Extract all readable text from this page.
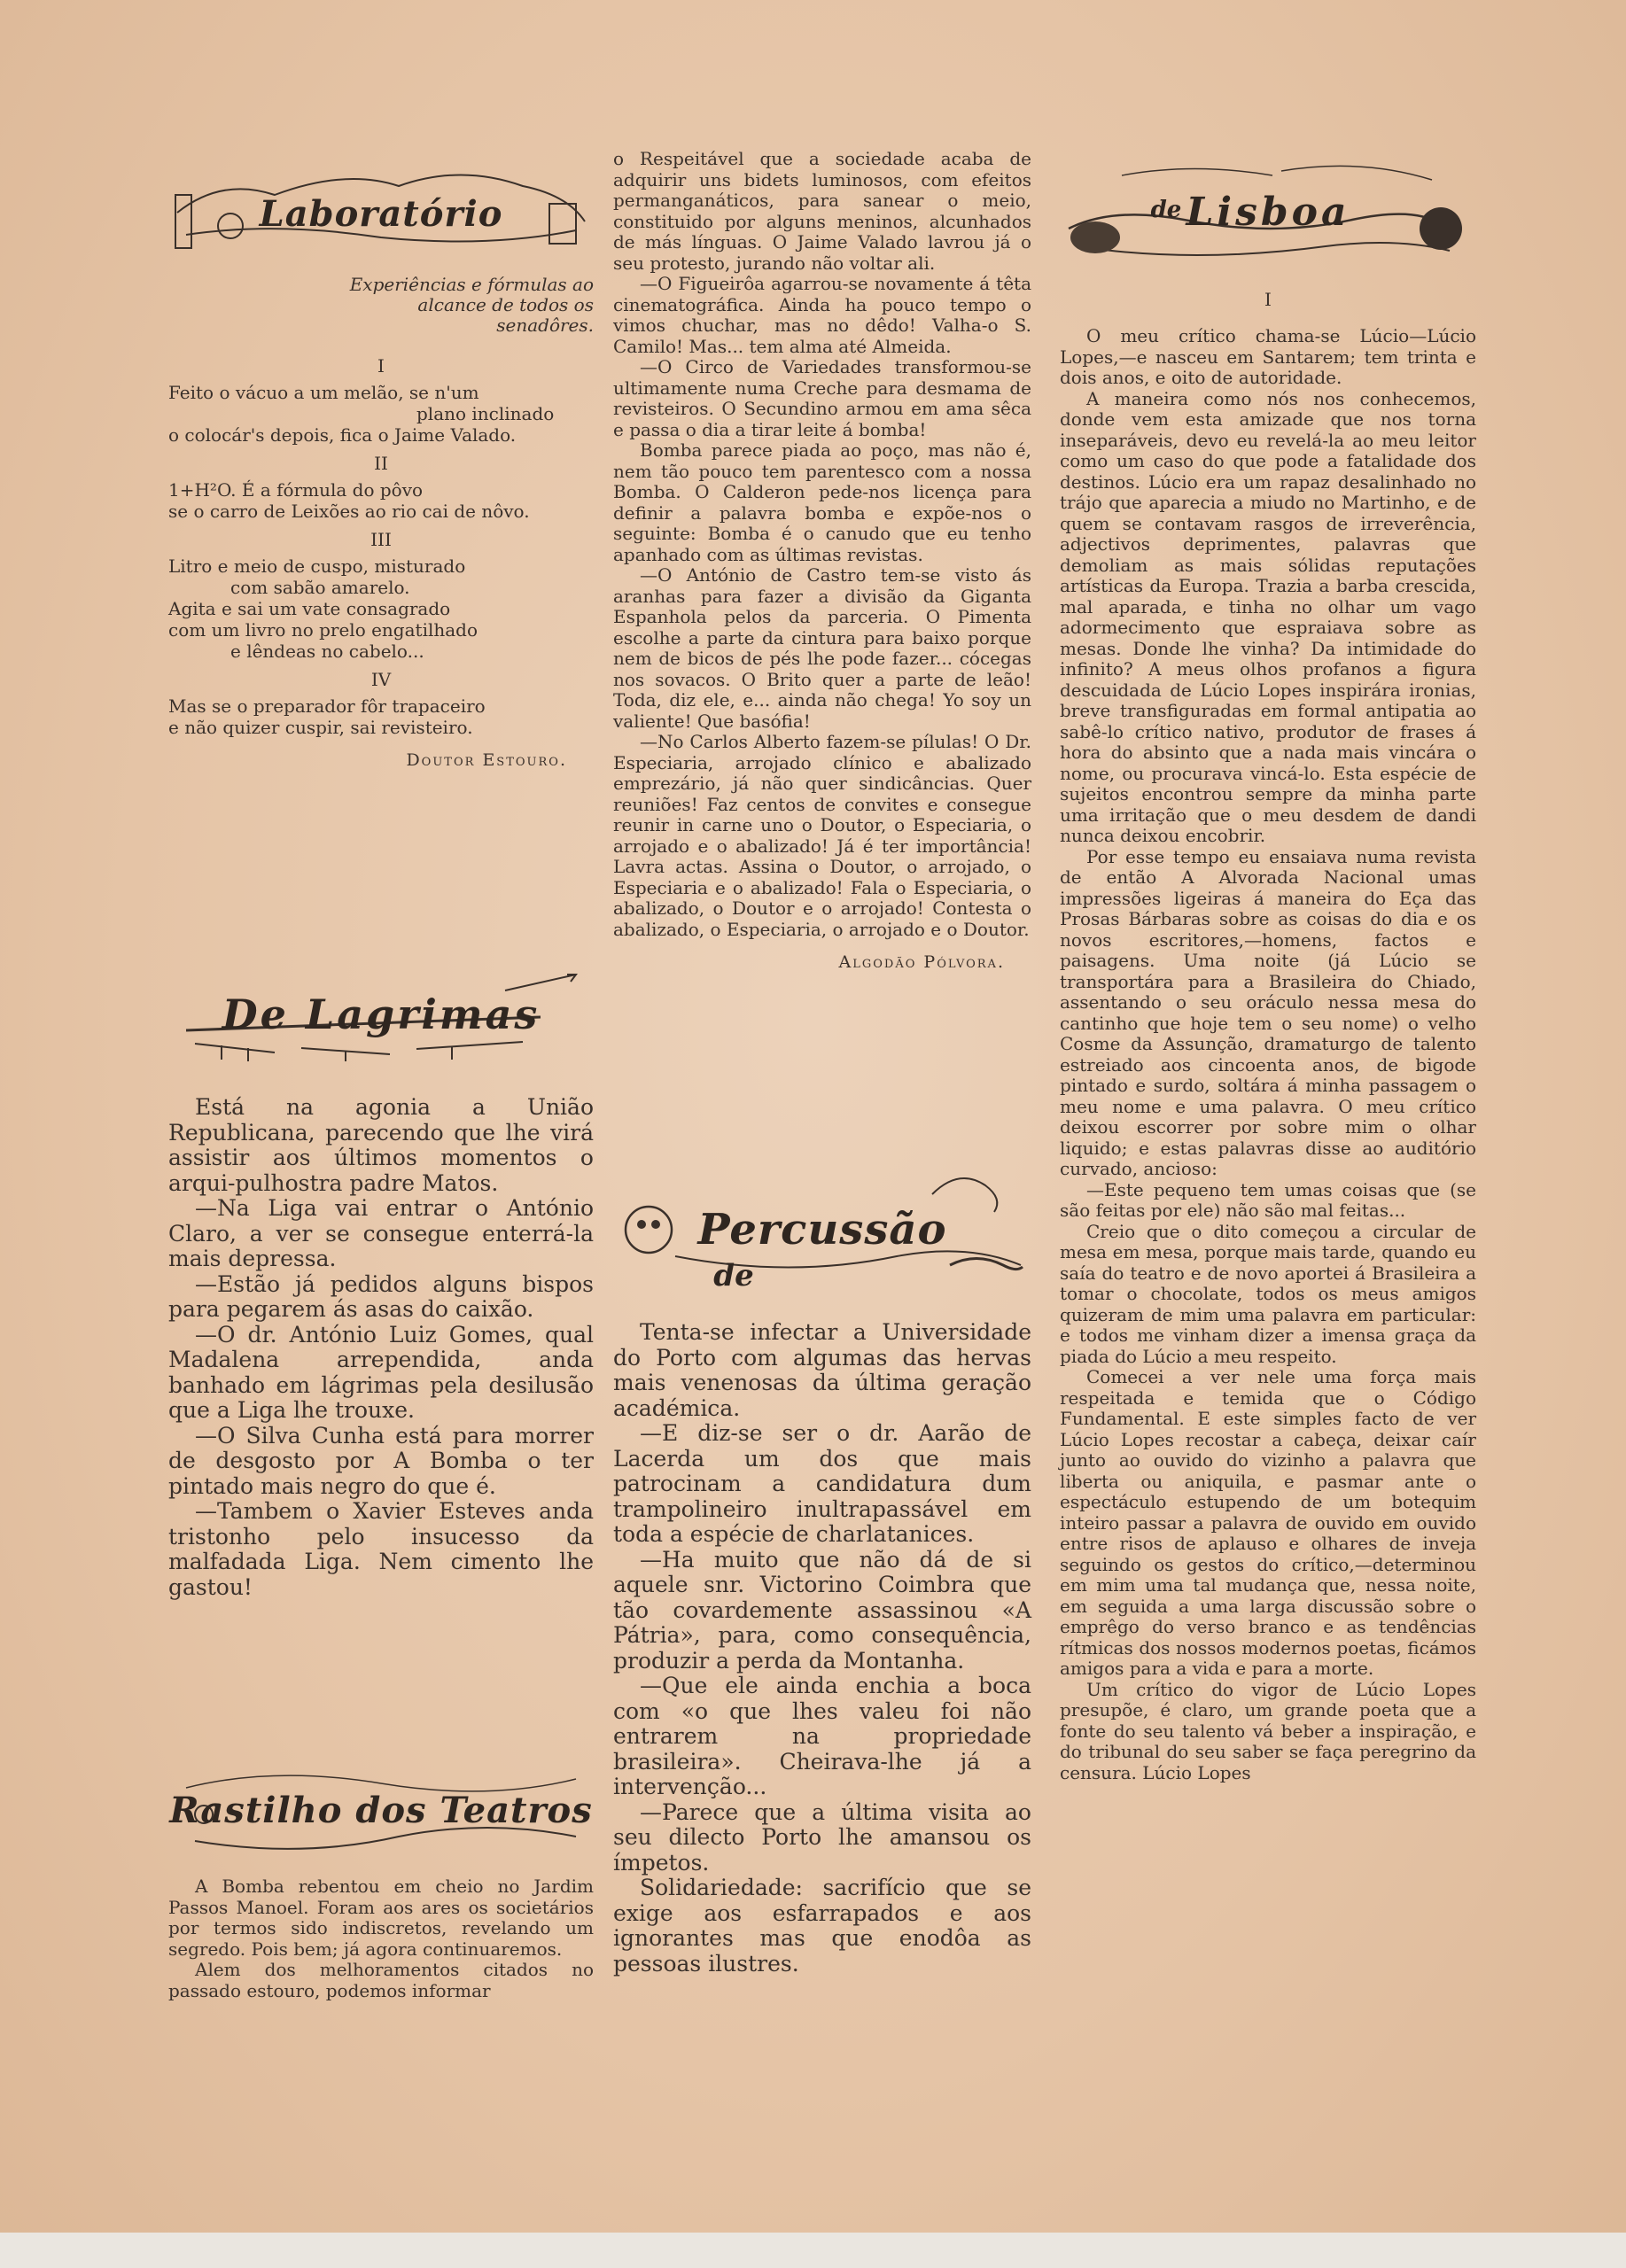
Laboratório

Experiências e fórmulas ao alcance de todos os senadôres.

I

Feito o vácuo a um melão, se n'um

plano inclinado

o colocár's depois, fica o Jaime Valado.

II

1+H²O. É a fórmula do pôvo

se o carro de Leixões ao rio cai de nôvo.

III

Litro e meio de cuspo, misturado

com sabão amarelo.

Agita e sai um vate consagrado

com um livro no prelo engatilhado

e lêndeas no cabelo...

IV

Mas se o preparador fôr trapaceiro

e não quizer cuspir, sai revisteiro.

Doutor Estouro.

De Lagrimas

Está na agonia a União Republicana, parecendo que lhe virá assistir aos últimos momentos o arqui-pulhostra padre Matos.

—Na Liga vai entrar o António Claro, a ver se consegue enterrá-la mais depressa.

—Estão já pedidos alguns bispos para pegarem ás asas do caixão.

—O dr. António Luiz Gomes, qual Madalena arrependida, anda banhado em lágrimas pela desilusão que a Liga lhe trouxe.

—O Silva Cunha está para morrer de desgosto por A Bomba o ter pintado mais negro do que é.

—Tambem o Xavier Esteves anda tristonho pelo insucesso da malfadada Liga. Nem cimento lhe gastou!

Rastilho dos Teatros

A Bomba rebentou em cheio no Jardim Passos Manoel. Foram aos ares os societários por termos sido indiscretos, revelando um segredo. Pois bem; já agora continuaremos.

Alem dos melhoramentos citados no passado estouro, podemos informar

o Respeitável que a sociedade acaba de adquirir uns bidets luminosos, com efeitos permanganáticos, para sanear o meio, constituido por alguns meninos, alcunhados de más línguas. O Jaime Valado lavrou já o seu protesto, jurando não voltar ali.

—O Figueirôa agarrou-se novamente á têta cinematográfica. Ainda ha pouco tempo o vimos chuchar, mas no dêdo! Valha-o S. Camilo! Mas... tem alma até Almeida.

—O Circo de Variedades transformou-se ultimamente numa Creche para desmama de revisteiros. O Secundino armou em ama sêca e passa o dia a tirar leite á bomba!

Bomba parece piada ao poço, mas não é, nem tão pouco tem parentesco com a nossa Bomba. O Calderon pede-nos licença para definir a palavra bomba e expõe-nos o seguinte: Bomba é o canudo que eu tenho apanhado com as últimas revistas.

—O António de Castro tem-se visto ás aranhas para fazer a divisão da Giganta Espanhola pelos da parceria. O Pimenta escolhe a parte da cintura para baixo porque nem de bicos de pés lhe pode fazer... cócegas nos sovacos. O Brito quer a parte de leão! Toda, diz ele, e... ainda não chega! Yo soy un valiente! Que basófia!

—No Carlos Alberto fazem-se pílulas! O Dr. Especiaria, arrojado clínico e abalizado emprezário, já não quer sindicâncias. Quer reuniões! Faz centos de convites e consegue reunir in carne uno o Doutor, o Especiaria, o arrojado e o abalizado! Já é ter importância! Lavra actas. Assina o Doutor, o arrojado, o Especiaria e o abalizado! Fala o Especiaria, o abalizado, o Doutor e o arrojado! Contesta o abalizado, o Especiaria, o arrojado e o Doutor.

Algodão Pólvora.

Percussão
de

Tenta-se infectar a Universidade do Porto com algumas das hervas mais venenosas da última geração académica.

—E diz-se ser o dr. Aarão de Lacerda um dos que mais patrocinam a candidatura dum trampolineiro inultrapassável em toda a espécie de charlatanices.

—Ha muito que não dá de si aquele snr. Victorino Coimbra que tão covardemente assassinou «A Pátria», para, como consequência, produzir a perda da Montanha.

—Que ele ainda enchia a boca com «o que lhes valeu foi não entrarem na propriedade brasileira». Cheirava-lhe já a intervenção...

—Parece que a última visita ao seu dilecto Porto lhe amansou os ímpetos.

Solidariedade: sacrifício que se exige aos esfarrapados e aos ignorantes mas que enodôa as pessoas ilustres.

Lisboa
de
I

O meu crítico chama-se Lúcio—Lúcio Lopes,—e nasceu em Santarem; tem trinta e dois anos, e oito de autoridade.

A maneira como nós nos conhecemos, donde vem esta amizade que nos torna inseparáveis, devo eu revelá-la ao meu leitor como um caso do que pode a fatalidade dos destinos. Lúcio era um rapaz desalinhado no trájo que aparecia a miudo no Martinho, e de quem se contavam rasgos de irreverência, adjectivos deprimentes, palavras que demoliam as mais sólidas reputações artísticas da Europa. Trazia a barba crescida, mal aparada, e tinha no olhar um vago adormecimento que espraiava sobre as mesas. Donde lhe vinha? Da intimidade do infinito? A meus olhos profanos a figura descuidada de Lúcio Lopes inspirára ironias, breve transfiguradas em formal antipatia ao sabê-lo crítico nativo, produtor de frases á hora do absinto que a nada mais vincára o nome, ou procurava vincá-lo. Esta espécie de sujeitos encontrou sempre da minha parte uma irritação que o meu desdem de dandi nunca deixou encobrir.

Por esse tempo eu ensaiava numa revista de então A Alvorada Nacional umas impressões ligeiras á maneira do Eça das Prosas Bárbaras sobre as coisas do dia e os novos escritores,—homens, factos e paisagens. Uma noite (já Lúcio se transportára para a Brasileira do Chiado, assentando o seu oráculo nessa mesa do cantinho que hoje tem o seu nome) o velho Cosme da Assunção, dramaturgo de talento estreiado aos cincoenta anos, de bigode pintado e surdo, soltára á minha passagem o meu nome e uma palavra. O meu crítico deixou escorrer por sobre mim o olhar liquido; e estas palavras disse ao auditório curvado, ancioso:

—Este pequeno tem umas coisas que (se são feitas por ele) não são mal feitas...

Creio que o dito começou a circular de mesa em mesa, porque mais tarde, quando eu saía do teatro e de novo aportei á Brasileira a tomar o chocolate, todos os meus amigos quizeram de mim uma palavra em particular: e todos me vinham dizer a imensa graça da piada do Lúcio a meu respeito.

Comecei a ver nele uma força mais respeitada e temida que o Código Fundamental. E este simples facto de ver Lúcio Lopes recostar a cabeça, deixar caír junto ao ouvido do vizinho a palavra que liberta ou aniquila, e pasmar ante o espectáculo estupendo de um botequim inteiro passar a palavra de ouvido em ouvido entre risos de aplauso e olhares de inveja seguindo os gestos do crítico,—determinou em mim uma tal mudança que, nessa noite, em seguida a uma larga discussão sobre o emprêgo do verso branco e as tendências rítmicas dos nossos modernos poetas, ficámos amigos para a vida e para a morte.

Um crítico do vigor de Lúcio Lopes presupõe, é claro, um grande poeta que a fonte do seu talento vá beber a inspiração, e do tribunal do seu saber se faça peregrino da censura. Lúcio Lopes
